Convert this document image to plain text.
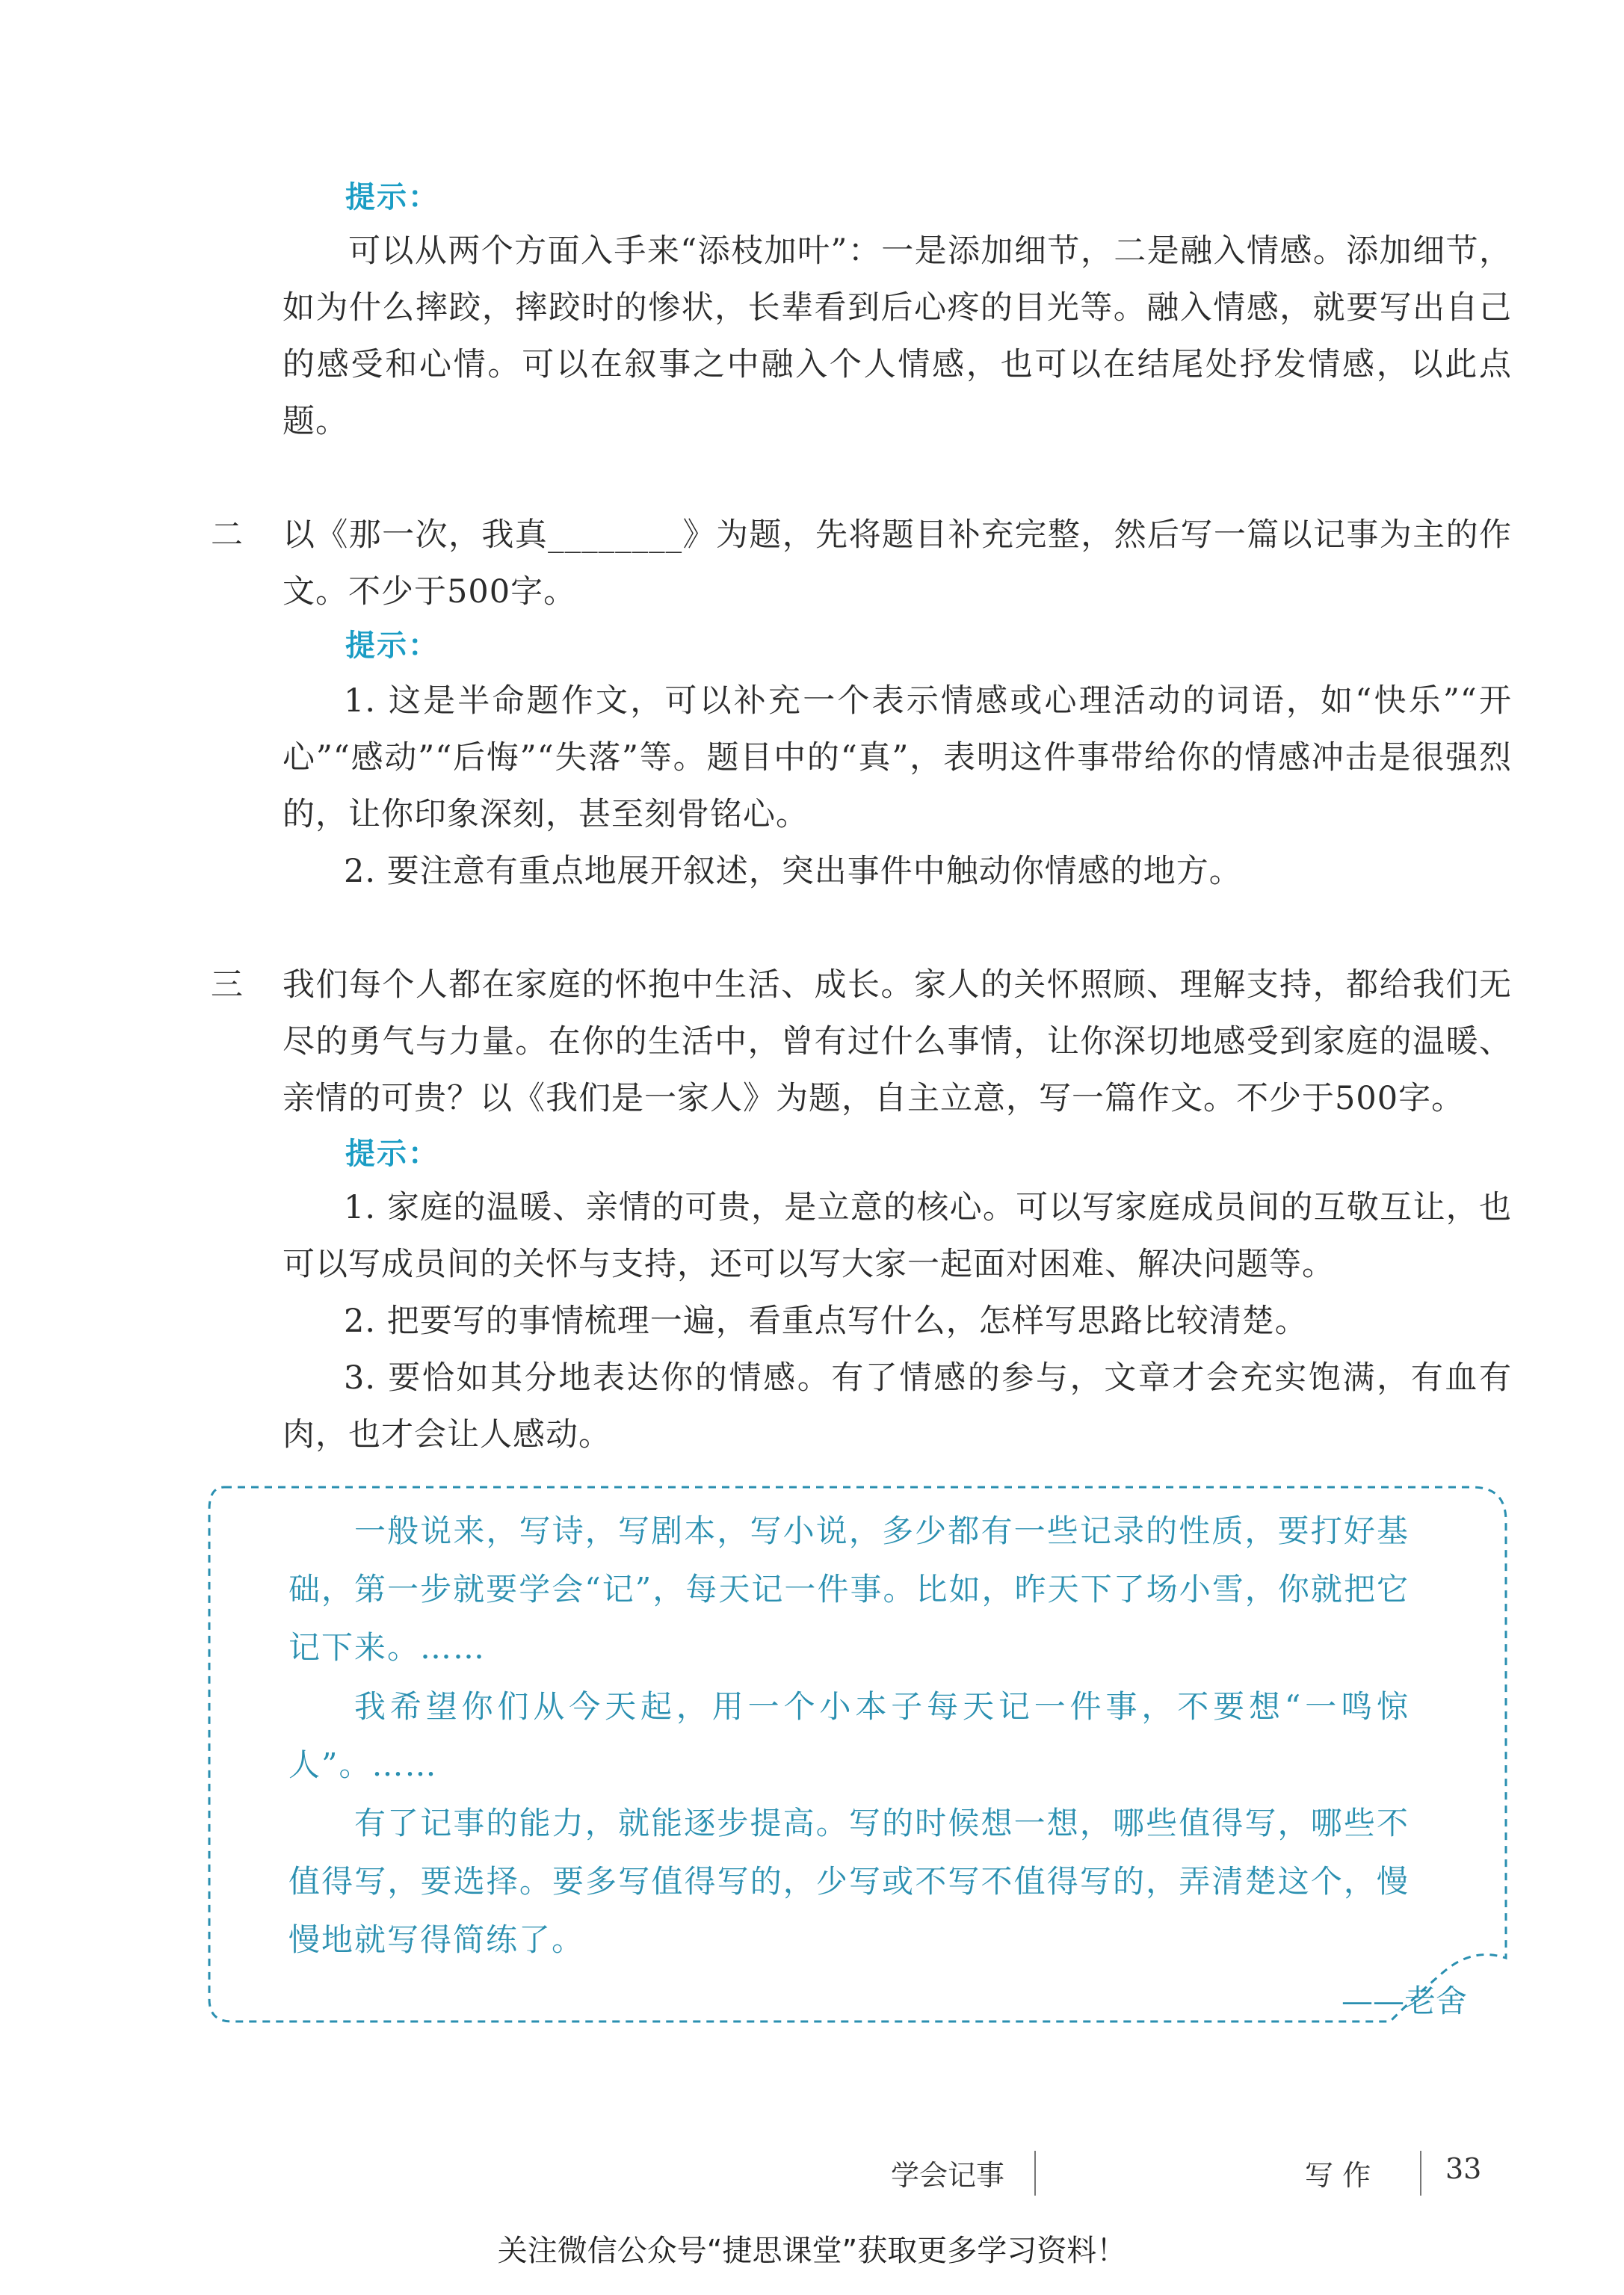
提示：
可以从两个方面入手来“添枝加叶”：一是添加细节，二是融入情感。添加细节，如为什么摔跤，摔跤时的惨状，长辈看到后心疼的目光等。融入情感，就要写出自己的感受和心情。可以在叙事之中融入个人情感，也可以在结尾处抒发情感，以此点题。
二 以《那一次，我真________》为题，先将题目补充完整，然后写一篇以记事为主的作文。不少于500字。
提示：
1. 这是半命题作文，可以补充一个表示情感或心理活动的词语，如“快乐”“开心”“感动”“后悔”“失落”等。题目中的“真”，表明这件事带给你的情感冲击是很强烈的，让你印象深刻，甚至刻骨铭心。
2. 要注意有重点地展开叙述，突出事件中触动你情感的地方。
三 我们每个人都在家庭的怀抱中生活、成长。家人的关怀照顾、理解支持，都给我们无尽的勇气与力量。在你的生活中，曾有过什么事情，让你深切地感受到家庭的温暖、亲情的可贵？以《我们是一家人》为题，自主立意，写一篇作文。不少于500字。
提示：
1. 家庭的温暖、亲情的可贵，是立意的核心。可以写家庭成员间的互敬互让，也可以写成员间的关怀与支持，还可以写大家一起面对困难、解决问题等。
2. 把要写的事情梳理一遍，看重点写什么，怎样写思路比较清楚。
3. 要恰如其分地表达你的情感。有了情感的参与，文章才会充实饱满，有血有肉，也才会让人感动。
一般说来，写诗，写剧本，写小说，多少都有一些记录的性质，要打好基础，第一步就要学会“记”，每天记一件事。比如，昨天下了场小雪，你就把它记下来。……
我希望你们从今天起，用一个小本子每天记一件事，不要想“一鸣惊人”。……
有了记事的能力，就能逐步提高。写的时候想一想，哪些值得写，哪些不值得写，要选择。要多写值得写的，少写或不写不值得写的，弄清楚这个，慢慢地就写得简练了。
——老舍
学会记事	写 作	33
关注微信公众号“捷思课堂”获取更多学习资料！
